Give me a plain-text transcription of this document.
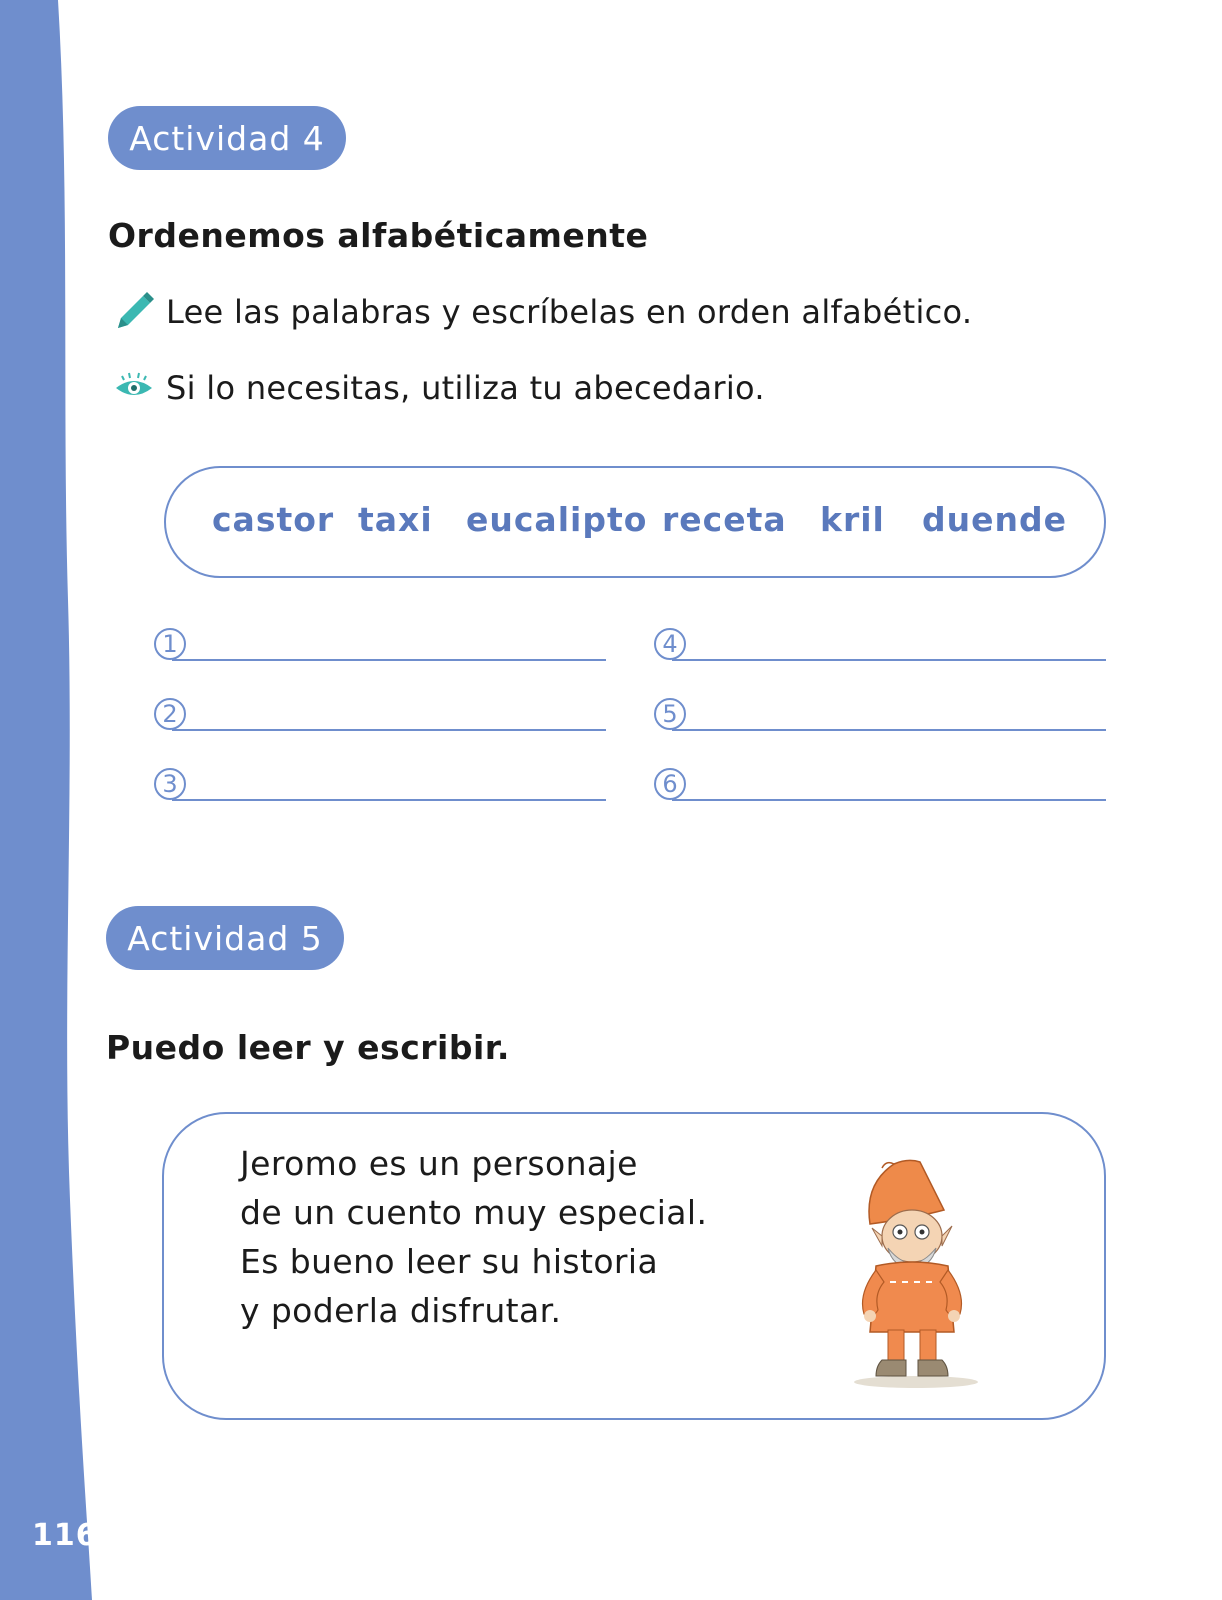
116
Actividad 4
Ordenemos alfabéticamente
Lee las palabras y escríbelas en orden alfabético.
Si lo necesitas, utiliza tu abecedario.
castor taxi eucalipto receta kril duende
1
2
3
4
5
6
Actividad 5
Puedo leer y escribir.
Jeromo es un personaje
de un cuento muy especial.
Es bueno leer su historia
y poderla disfrutar.
